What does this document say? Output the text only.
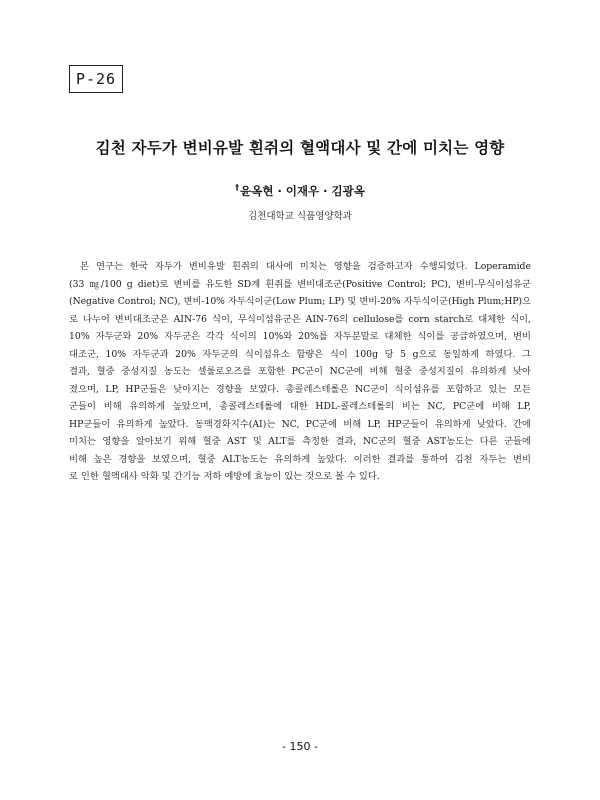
P-26
김천 자두가 변비유발 흰쥐의 혈액대사 및 간에 미치는 영향
†윤옥현 · 이재우 · 김광옥
김천대학교 식품영양학과
본 연구는 한국 자두가 변비유발 흰쥐의 대사에 미치는 영향을 검증하고자 수행되었다. Loperamide
(33 ㎎/100 g diet)로 변비를 유도한 SD계 흰쥐를 변비대조군(Positive Control; PC), 변비-무식이섬유군
(Negative Control; NC), 변비-10% 자두식이군(Low Plum; LP) 및 변비-20% 자두식이군(High Plum;HP)으
로 나누어 변비대조군은 AIN-76 식이, 무식이섬유군은 AIN-76의 cellulose를 corn starch로 대체한 식이,
10% 자두군와 20% 자두군은 각각 식이의 10%와 20%를 자두분말로 대체한 식이를 공급하였으며, 변비
대조군, 10% 자두군과 20% 자두군의 식이섬유소 함량은 식이 100g 당 5 g으로 동일하게 하였다. 그
결과, 혈중 중성지질 농도는 셀룰로오즈를 포함한 PC군이 NC군에 비해 혈중 중성지질이 유의하게 낮아
졌으며, LP, HP군들은 낮아지는 경향을 보였다. 총콜레스테롤은 NC군이 식이섬유를 포함하고 있는 모든
군들이 비해 유의하게 높았으며, 총콜레스테롤에 대한 HDL-콜레스테롤의 비는 NC, PC군에 비해 LP,
HP군들이 유의하게 높았다. 동맥경화지수(AI)는 NC, PC군에 비해 LP, HP군들이 유의하게 낮았다. 간에
미치는 영향을 알아보기 위해 혈중 AST 및 ALT를 측정한 결과, NC군의 혈중 AST농도는 다른 군들에
비해 높은 경향을 보였으며, 혈중 ALT농도는 유의하게 높았다. 이러한 결과를 통하여 김천 자두는 변비
로 인한 혈액대사 악화 및 간기능 저하 예방에 효능이 있는 것으로 볼 수 있다.
- 150 -
